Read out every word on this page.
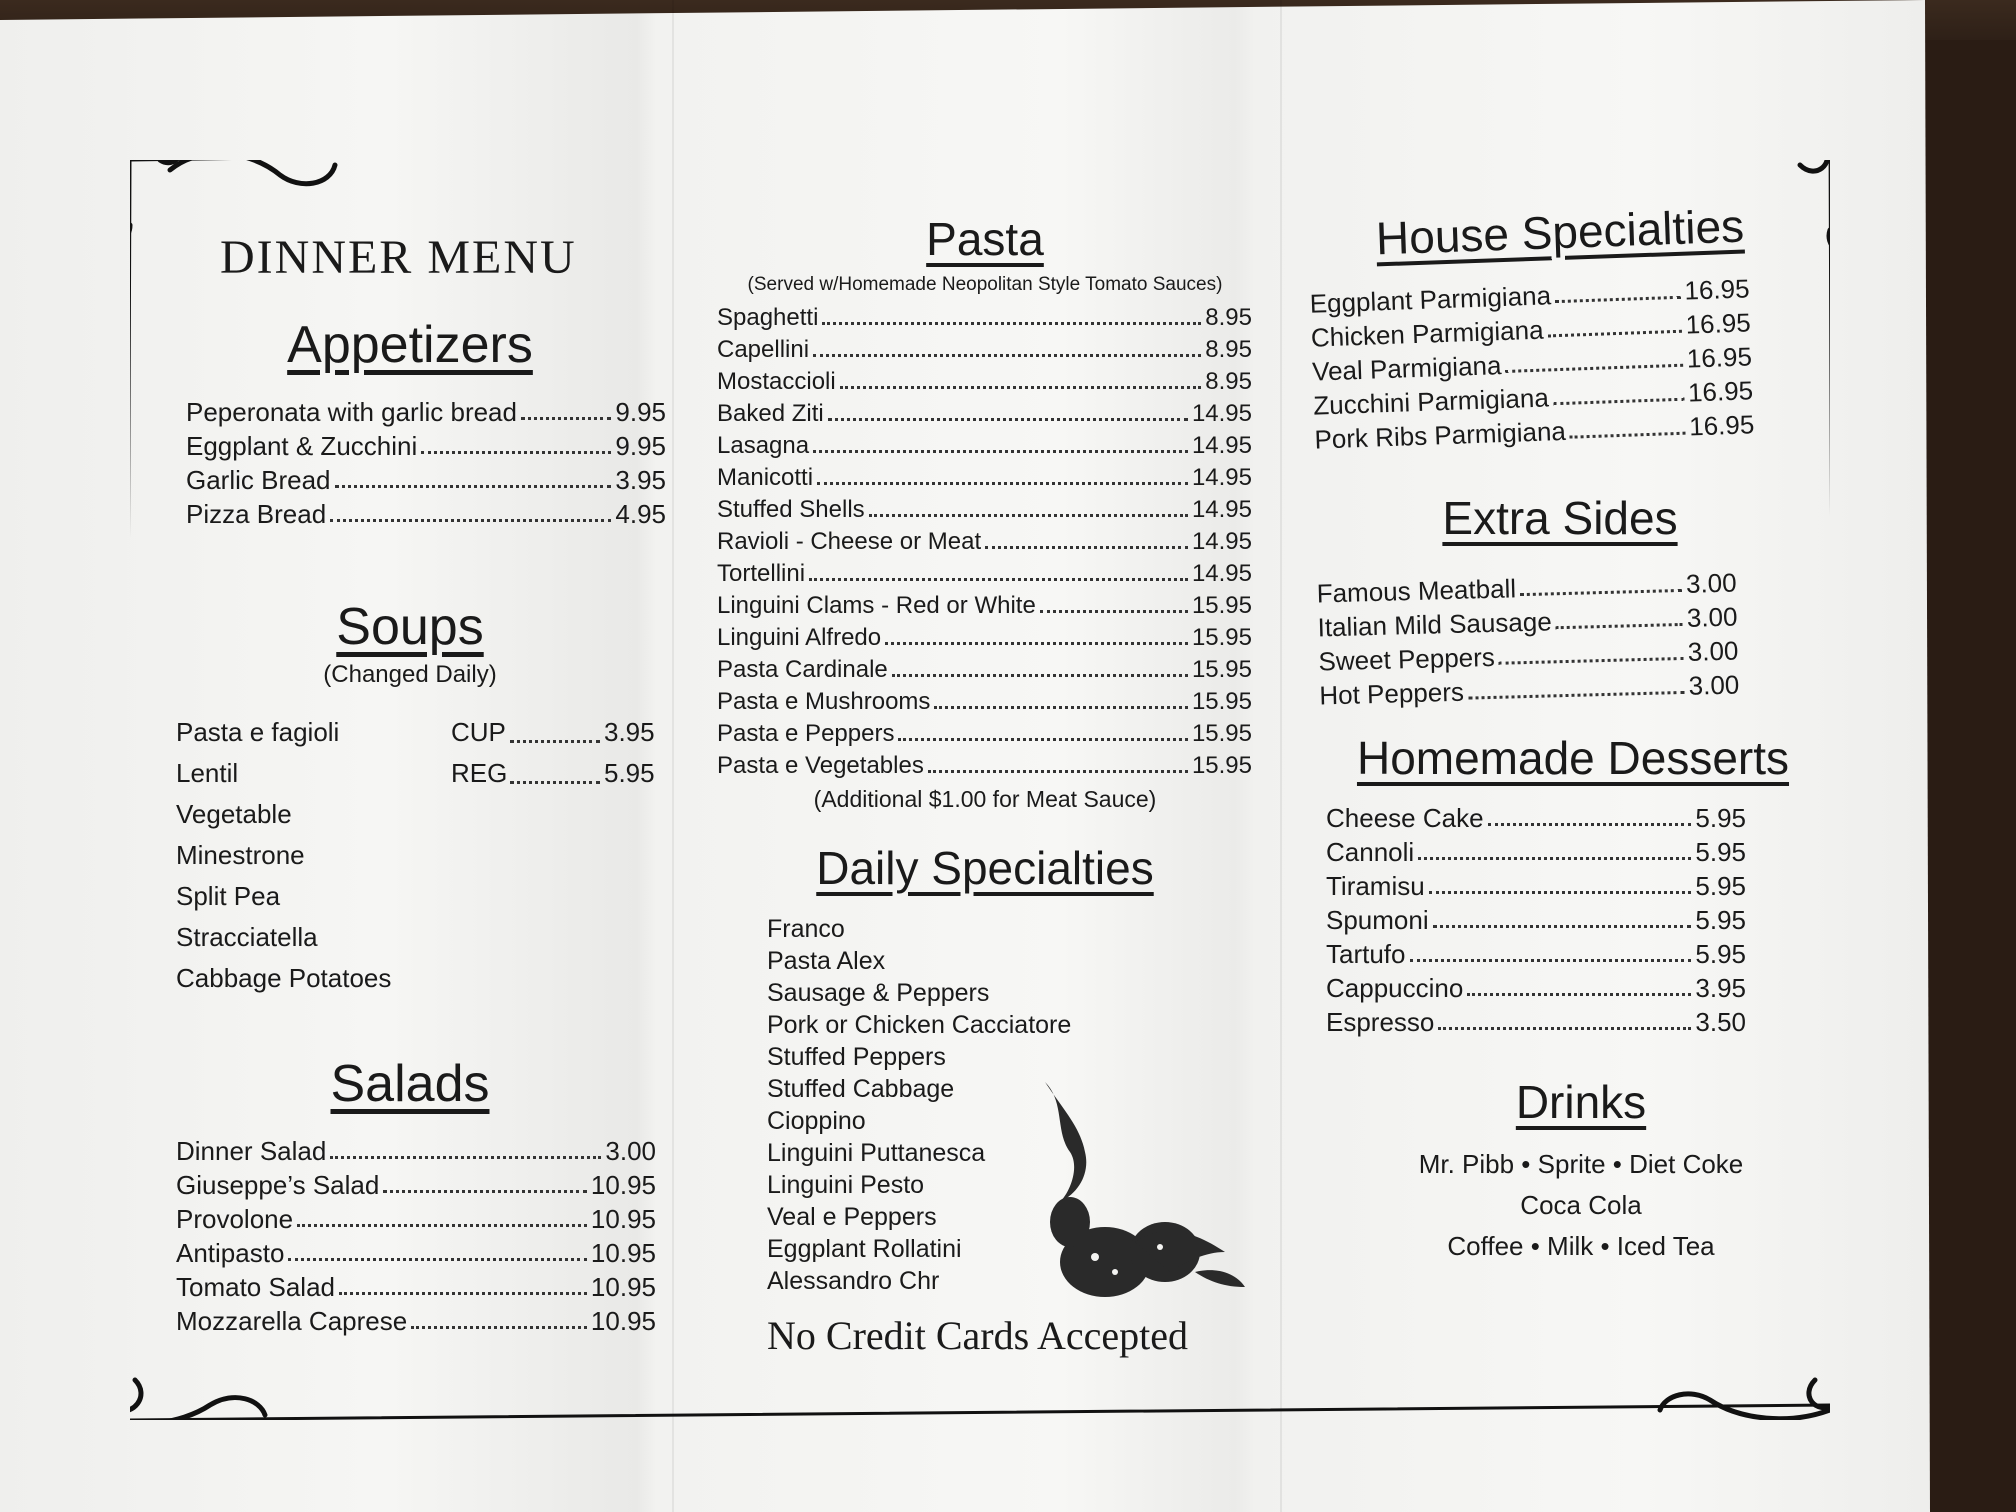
DINNER MENU
Appetizers
Peperonata with garlic bread	9.95
Eggplant & Zucchini	9.95
Garlic Bread	3.95
Pizza Bread	4.95
Soups
(Changed Daily)
Pasta e fagioli	CUP	3.95
Lentil	REG	5.95
Vegetable
Minestrone
Split Pea
Stracciatella
Cabbage Potatoes
Salads
Dinner Salad	3.00
Giuseppe’s Salad	10.95
Provolone	10.95
Antipasto	10.95
Tomato Salad	10.95
Mozzarella Caprese	10.95
Pasta
(Served w/Homemade Neopolitan Style Tomato Sauces)
Spaghetti	8.95
Capellini	8.95
Mostaccioli	8.95
Baked Ziti	14.95
Lasagna	14.95
Manicotti	14.95
Stuffed Shells	14.95
Ravioli - Cheese or Meat	14.95
Tortellini	14.95
Linguini Clams - Red or White	15.95
Linguini Alfredo	15.95
Pasta Cardinale	15.95
Pasta e Mushrooms	15.95
Pasta e Peppers	15.95
Pasta e Vegetables	15.95
(Additional $1.00 for Meat Sauce)
Daily Specialties
Franco
Pasta Alex
Sausage & Peppers
Pork or Chicken Cacciatore
Stuffed Peppers
Stuffed Cabbage
Cioppino
Linguini Puttanesca
Linguini Pesto
Veal e Peppers
Eggplant Rollatini
Alessandro Chr
No Credit Cards Accepted
House Specialties
Eggplant Parmigiana	16.95
Chicken Parmigiana	16.95
Veal Parmigiana	16.95
Zucchini Parmigiana	16.95
Pork Ribs Parmigiana	16.95
Extra Sides
Famous Meatball	3.00
Italian Mild Sausage	3.00
Sweet Peppers	3.00
Hot Peppers	3.00
Homemade Desserts
Cheese Cake	5.95
Cannoli	5.95
Tiramisu	5.95
Spumoni	5.95
Tartufo	5.95
Cappuccino	3.95
Espresso	3.50
Drinks
Mr. Pibb • Sprite • Diet Coke
Coca Cola
Coffee • Milk • Iced Tea
